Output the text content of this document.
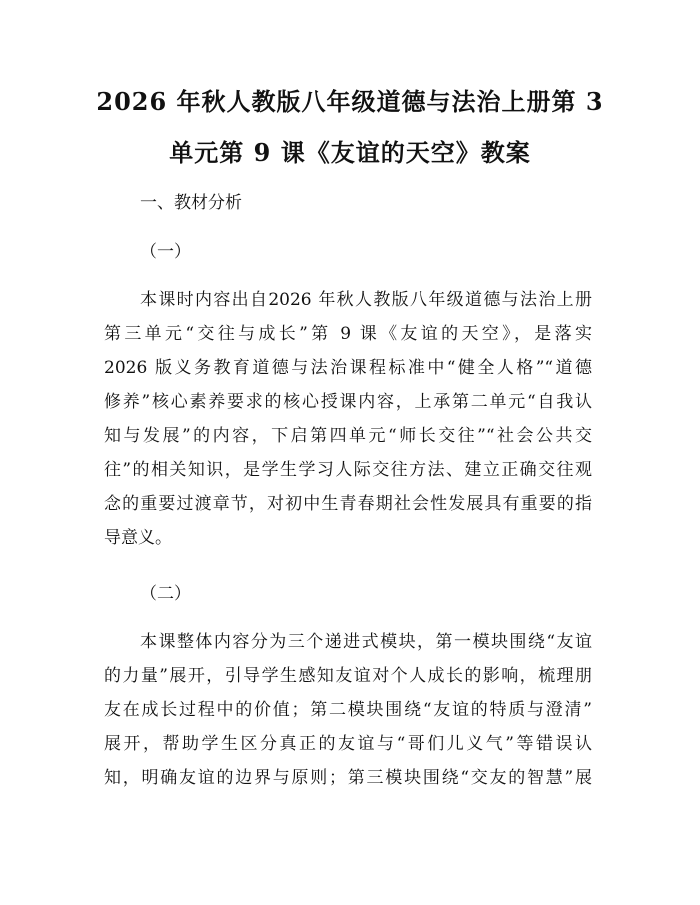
2026 年秋人教版八年级道德与法治上册第 3
单元第 9 课《友谊的天空》教案
一、教材分析
（一）
本课时内容出自2026 年秋人教版八年级道德与法治上册
第三单元“交往与成长”第 9 课《友谊的天空》，是落实
2026 版义务教育道德与法治课程标准中“健全人格”“道德
修养”核心素养要求的核心授课内容，上承第二单元“自我认
知与发展”的内容，下启第四单元“师长交往”“社会公共交
往”的相关知识，是学生学习人际交往方法、建立正确交往观
念的重要过渡章节，对初中生青春期社会性发展具有重要的指
导意义。
（二）
本课整体内容分为三个递进式模块，第一模块围绕“友谊
的力量”展开，引导学生感知友谊对个人成长的影响，梳理朋
友在成长过程中的价值；第二模块围绕“友谊的特质与澄清”
展开，帮助学生区分真正的友谊与“哥们儿义气”等错误认
知，明确友谊的边界与原则；第三模块围绕“交友的智慧”展
